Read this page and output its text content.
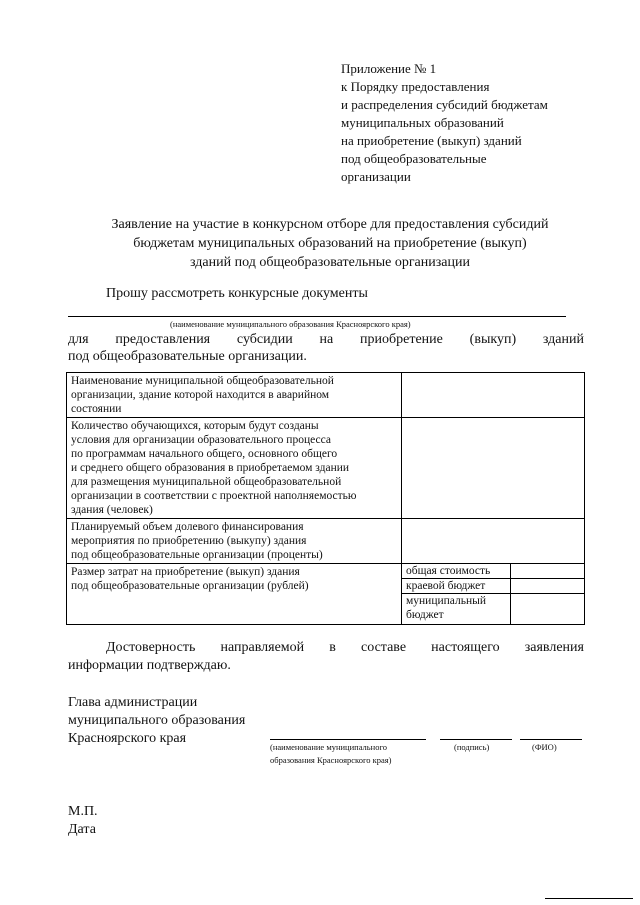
Приложение № 1
к Порядку предоставления
и распределения субсидий бюджетам
муниципальных образований
на приобретение (выкуп) зданий
под общеобразовательные
организации
Заявление на участие в конкурсном отборе для предоставления субсидий
бюджетам муниципальных образований на приобретение (выкуп)
зданий под общеобразовательные организации
Прошу рассмотреть конкурсные документы
(наименование муниципального образования Красноярского края)
для предоставления субсидии на приобретение (выкуп) зданий
под общеобразовательные организации.
Наименование муниципальной общеобразовательной
организации, здание которой находится в аварийном
состоянии

Количество обучающихся, которым будут созданы
условия для организации образовательного процесса
по программам начального общего, основного общего
и среднего общего образования в приобретаемом здании
для размещения муниципальной общеобразовательной
организации в соответствии с проектной наполняемостью
здания (человек)

Планируемый объем долевого финансирования
мероприятия по приобретению (выкупу) здания
под общеобразовательные организации (проценты)

Размер затрат на приобретение (выкуп) здания
под общеобразовательные организации (рублей)

общая стоимость	
краевой бюджет	
муниципальный бюджет	
Достоверность направляемой в составе настоящего заявления
информации подтверждаю.
Глава администрации
муниципального образования
Красноярского края
(наименование муниципального
образования Красноярского края)
(подпись)	(ФИО)
М.П.
Дата
